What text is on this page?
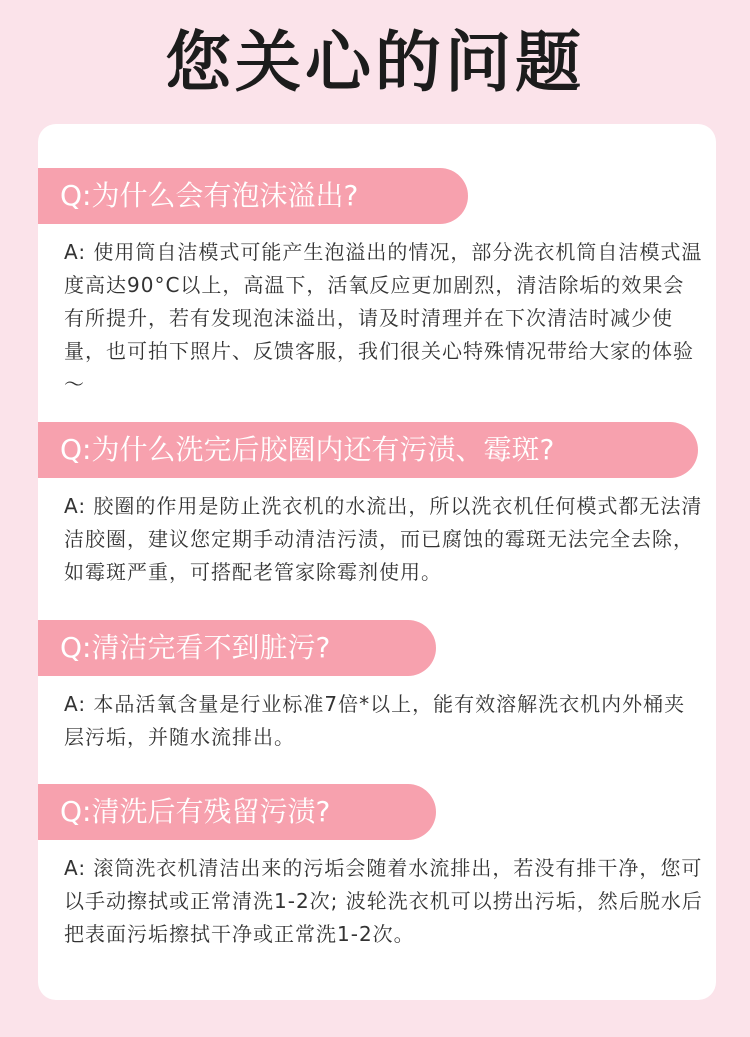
您关心的问题
Q:为什么会有泡沫溢出?
A: 使用筒自洁模式可能产生泡溢出的情况，部分洗衣机筒自洁模式温度高达90°C以上，高温下，活氧反应更加剧烈，清洁除垢的效果会有所提升，若有发现泡沫溢出，请及时清理并在下次清洁时减少使量，也可拍下照片、反馈客服，我们很关心特殊情况带给大家的体验～
Q:为什么洗完后胶圈内还有污渍、霉斑?
A: 胶圈的作用是防止洗衣机的水流出，所以洗衣机任何模式都无法清洁胶圈，建议您定期手动清洁污渍，而已腐蚀的霉斑无法完全去除，如霉斑严重，可搭配老管家除霉剂使用。
Q:清洁完看不到脏污?
A: 本品活氧含量是行业标准7倍*以上，能有效溶解洗衣机内外桶夹层污垢，并随水流排出。
Q:清洗后有残留污渍?
A: 滚筒洗衣机清洁出来的污垢会随着水流排出，若没有排干净，您可以手动擦拭或正常清洗1-2次; 波轮洗衣机可以捞出污垢，然后脱水后把表面污垢擦拭干净或正常洗1-2次。
